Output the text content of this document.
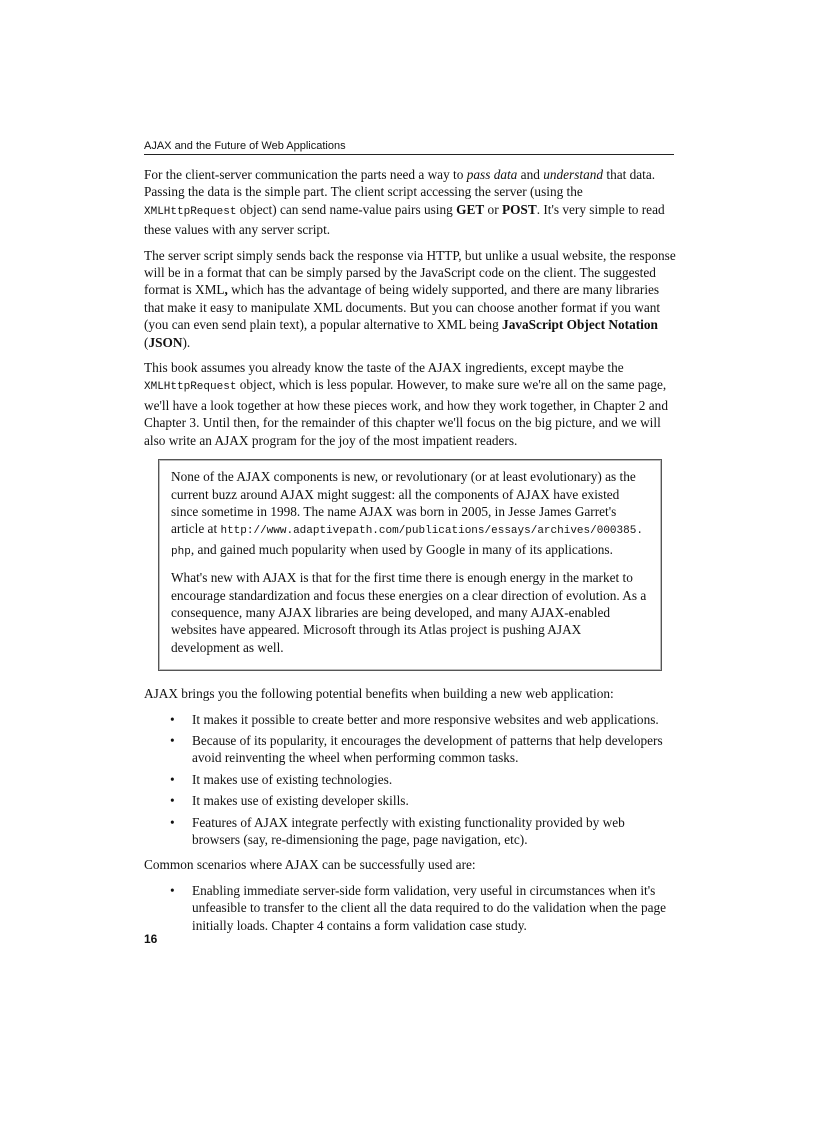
AJAX and the Future of Web Applications

For the client-server communication the parts need a way to pass data and understand that data. Passing the data is the simple part. The client script accessing the server (using the XMLHttpRequest object) can send name-value pairs using GET or POST. It's very simple to read these values with any server script.

The server script simply sends back the response via HTTP, but unlike a usual website, the response will be in a format that can be simply parsed by the JavaScript code on the client. The suggested format is XML, which has the advantage of being widely supported, and there are many libraries that make it easy to manipulate XML documents. But you can choose another format if you want (you can even send plain text), a popular alternative to XML being JavaScript Object Notation (JSON).

This book assumes you already know the taste of the AJAX ingredients, except maybe the XMLHttpRequest object, which is less popular. However, to make sure we're all on the same page, we'll have a look together at how these pieces work, and how they work together, in Chapter 2 and Chapter 3. Until then, for the remainder of this chapter we'll focus on the big picture, and we will also write an AJAX program for the joy of the most impatient readers.

None of the AJAX components is new, or revolutionary (or at least evolutionary) as the current buzz around AJAX might suggest: all the components of AJAX have existed since sometime in 1998. The name AJAX was born in 2005, in Jesse James Garret's article at http://www.adaptivepath.com/publications/essays/archives/000385.php, and gained much popularity when used by Google in many of its applications.

What's new with AJAX is that for the first time there is enough energy in the market to encourage standardization and focus these energies on a clear direction of evolution. As a consequence, many AJAX libraries are being developed, and many AJAX-enabled websites have appeared. Microsoft through its Atlas project is pushing AJAX development as well.

AJAX brings you the following potential benefits when building a new web application:

• It makes it possible to create better and more responsive websites and web applications.
• Because of its popularity, it encourages the development of patterns that help developers avoid reinventing the wheel when performing common tasks.
• It makes use of existing technologies.
• It makes use of existing developer skills.
• Features of AJAX integrate perfectly with existing functionality provided by web browsers (say, re-dimensioning the page, page navigation, etc).

Common scenarios where AJAX can be successfully used are:

• Enabling immediate server-side form validation, very useful in circumstances when it's unfeasible to transfer to the client all the data required to do the validation when the page initially loads. Chapter 4 contains a form validation case study.
16
